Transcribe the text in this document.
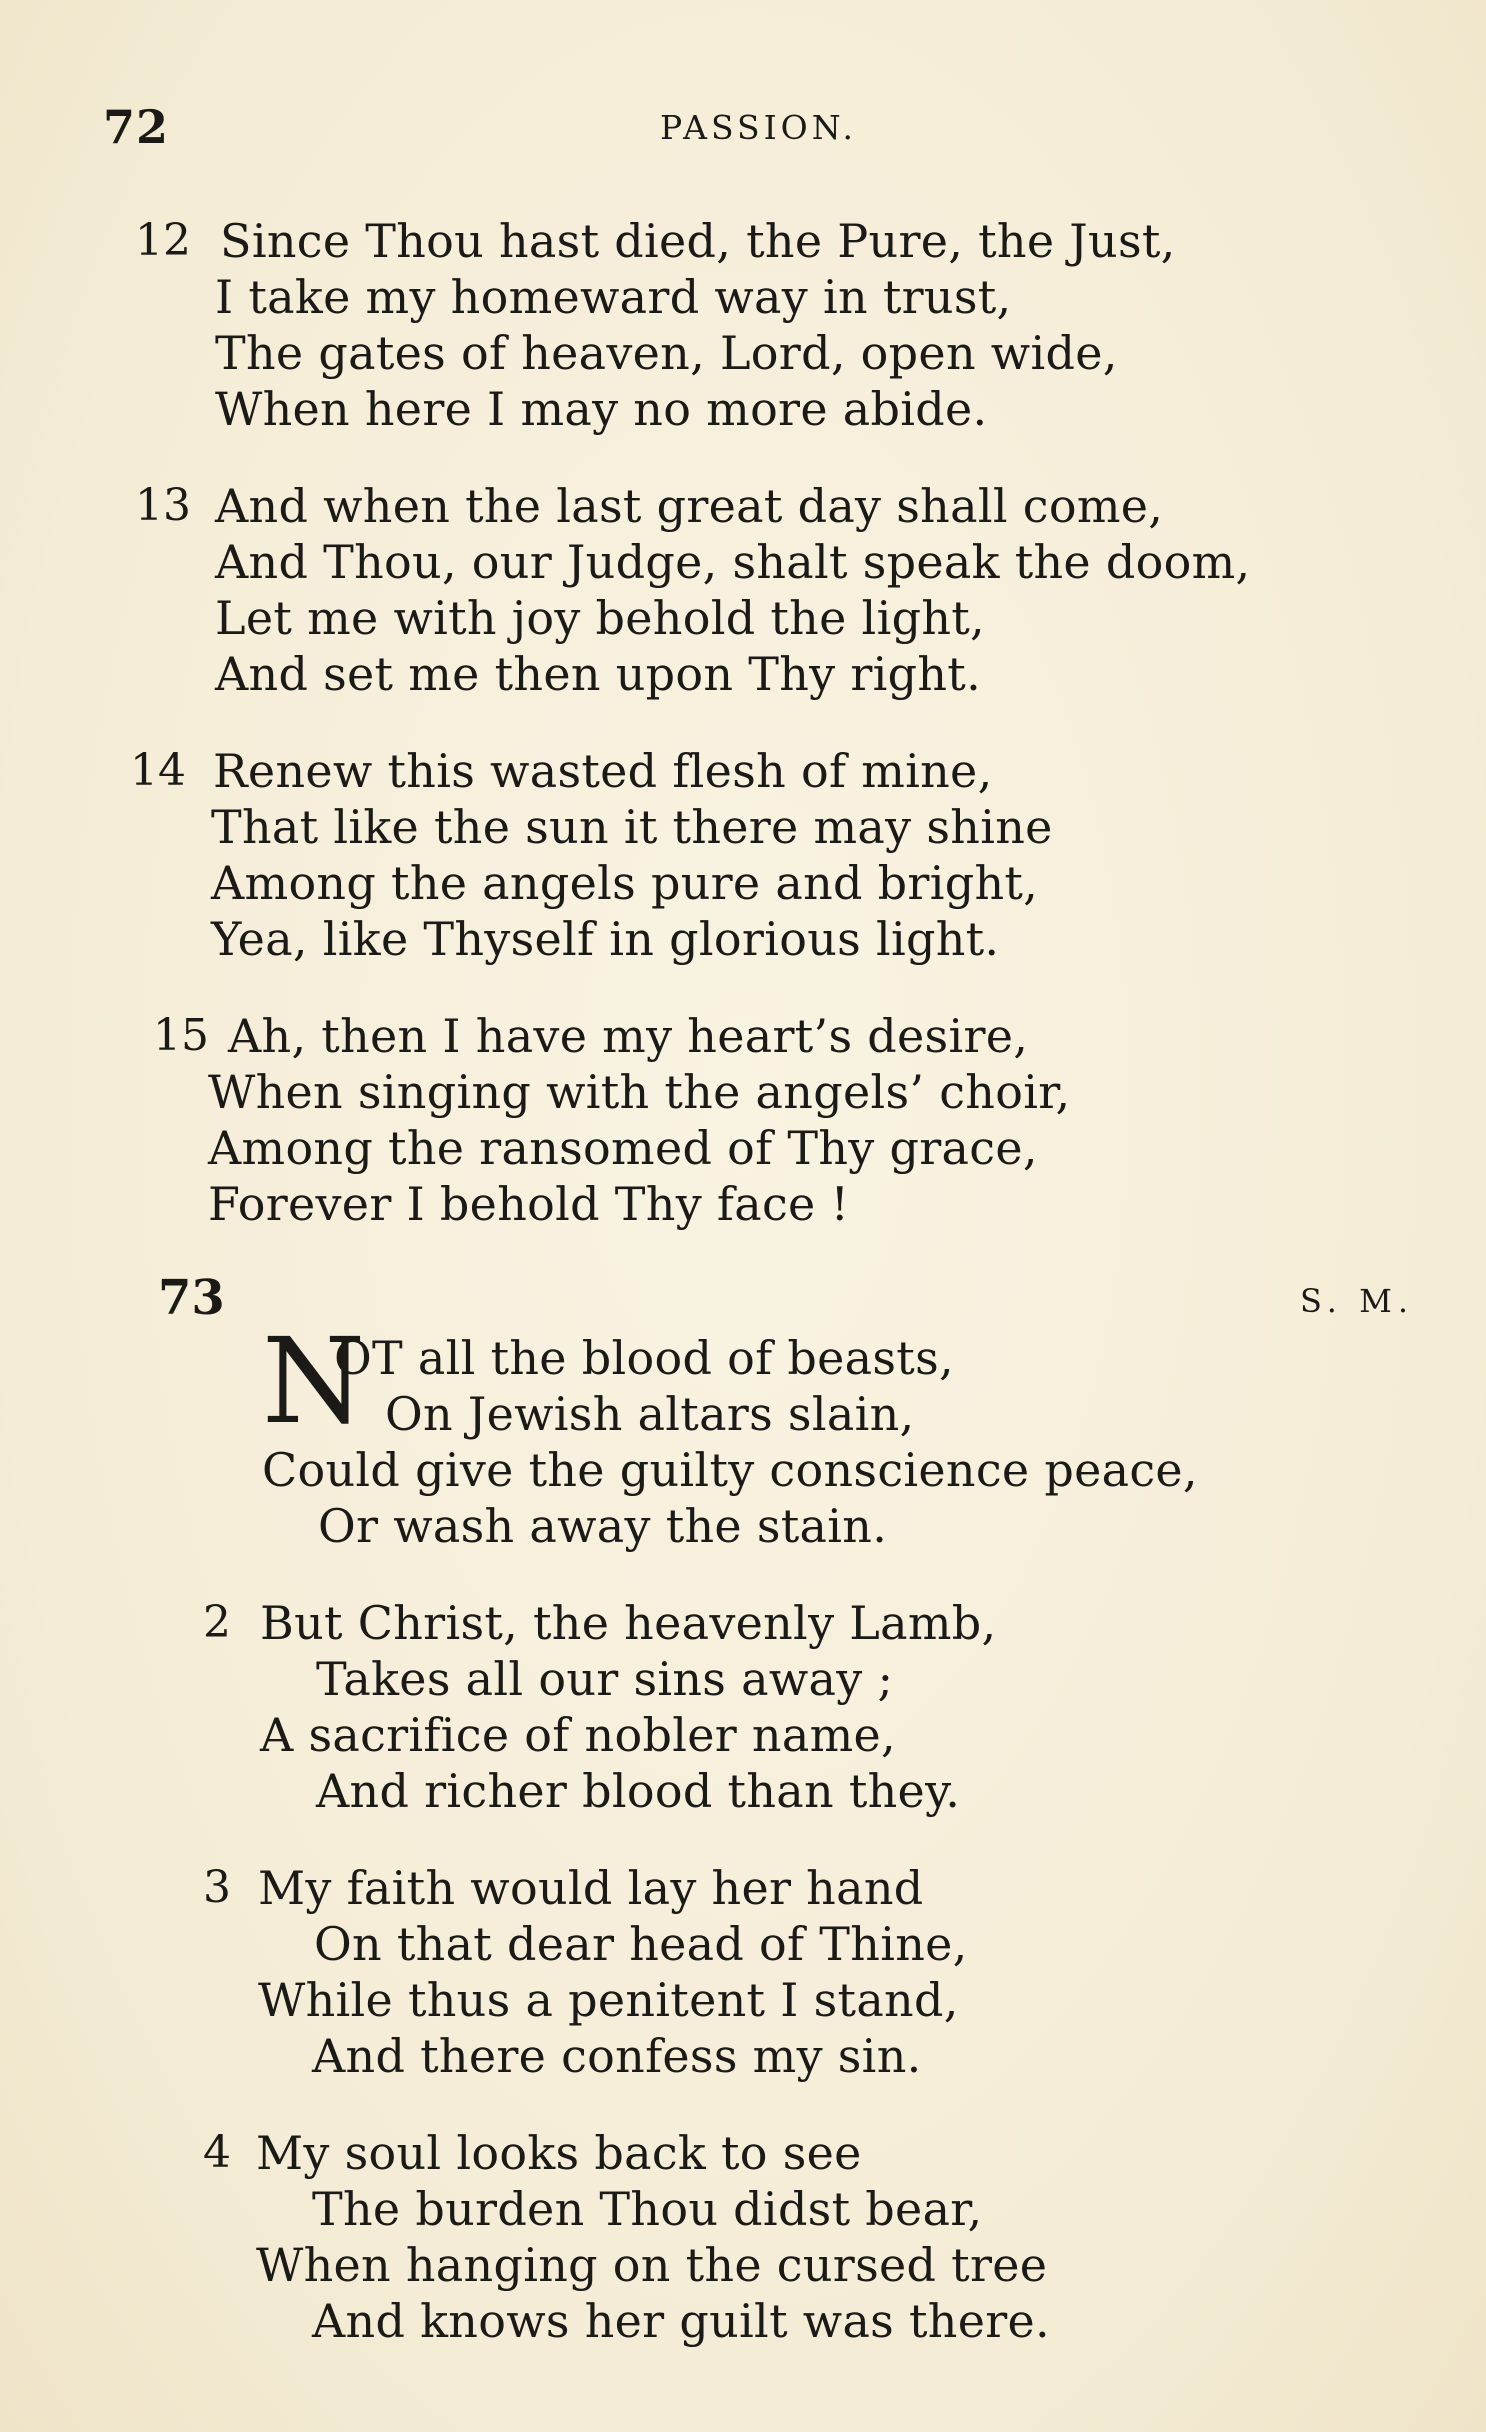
72	PASSION.
12 Since Thou hast died, the Pure, the Just,
I take my homeward way in trust,
The gates of heaven, Lord, open wide,
When here I may no more abide.
13 And when the last great day shall come,
And Thou, our Judge, shalt speak the doom,
Let me with joy behold the light,
And set me then upon Thy right.
14 Renew this wasted flesh of mine,
That like the sun it there may shine
Among the angels pure and bright,
Yea, like Thyself in glorious light.
15 Ah, then I have my heart’s desire,
When singing with the angels’ choir,
Among the ransomed of Thy grace,
Forever I behold Thy face !
73	S. M.
N
OT all the blood of beasts,
On Jewish altars slain,
Could give the guilty conscience peace,
Or wash away the stain.
2 But Christ, the heavenly Lamb,
Takes all our sins away ;
A sacrifice of nobler name,
And richer blood than they.
3 My faith would lay her hand
On that dear head of Thine,
While thus a penitent I stand,
And there confess my sin.
4 My soul looks back to see
The burden Thou didst bear,
When hanging on the cursed tree
And knows her guilt was there.
